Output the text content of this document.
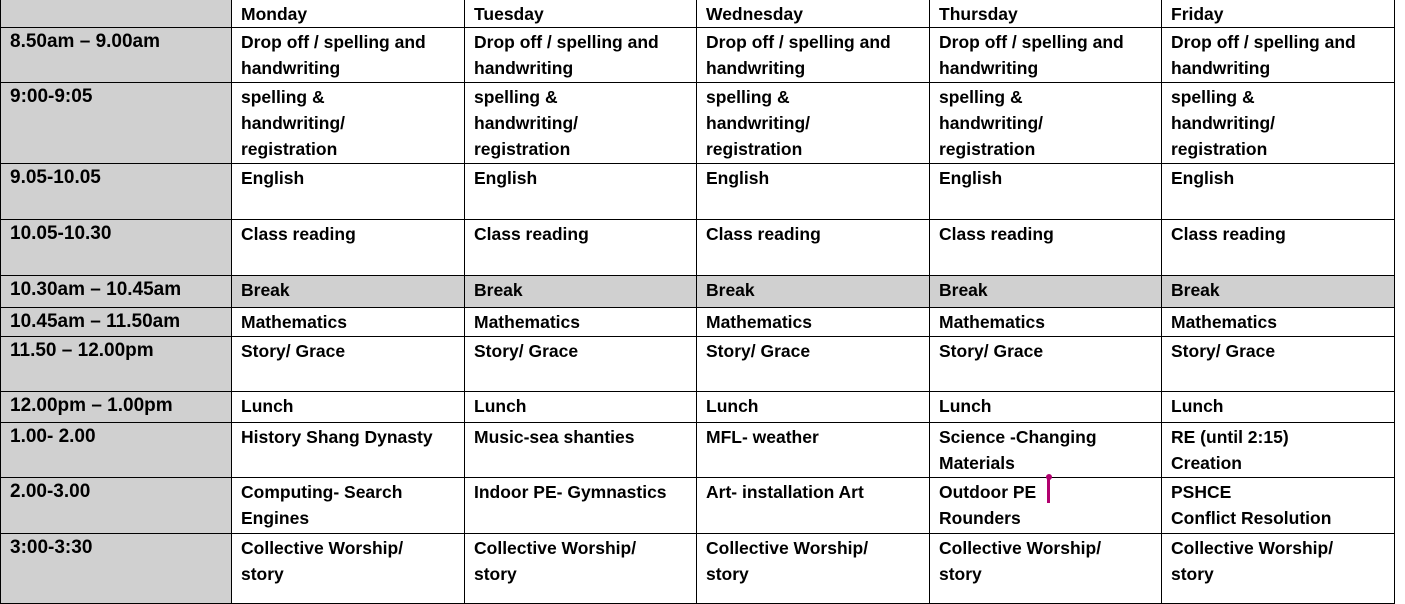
	Monday	Tuesday	Wednesday	Thursday	Friday
8.50am – 9.00am	Drop off / spelling and handwriting	Drop off / spelling and handwriting	Drop off / spelling and handwriting	Drop off / spelling and handwriting	Drop off / spelling and handwriting
9:00-9:05	spelling &
handwriting/
registration	spelling &
handwriting/
registration	spelling &
handwriting/
registration	spelling &
handwriting/
registration	spelling &
handwriting/
registration

9.05-10.05	English	English	English	English	English
10.05-10.30	Class reading	Class reading	Class reading	Class reading	Class reading
10.30am – 10.45am	Break	Break	Break	Break	Break
10.45am – 11.50am	Mathematics	Mathematics	Mathematics	Mathematics	Mathematics
11.50 – 12.00pm	Story/ Grace	Story/ Grace	Story/ Grace	Story/ Grace	Story/ Grace
12.00pm – 1.00pm	Lunch	Lunch	Lunch	Lunch	Lunch
1.00- 2.00	History Shang Dynasty	Music-sea shanties	MFL- weather	Science -Changing
Materials	RE (until 2:15)
Creation

2.00-3.00	Computing- Search
Engines	Indoor PE- Gymnastics	Art- installation Art	Outdoor PE
Rounders	PSHCE
Conflict Resolution

3:00-3:30	Collective Worship/
story	Collective Worship/
story	Collective Worship/
story	Collective Worship/
story	Collective Worship/
story
